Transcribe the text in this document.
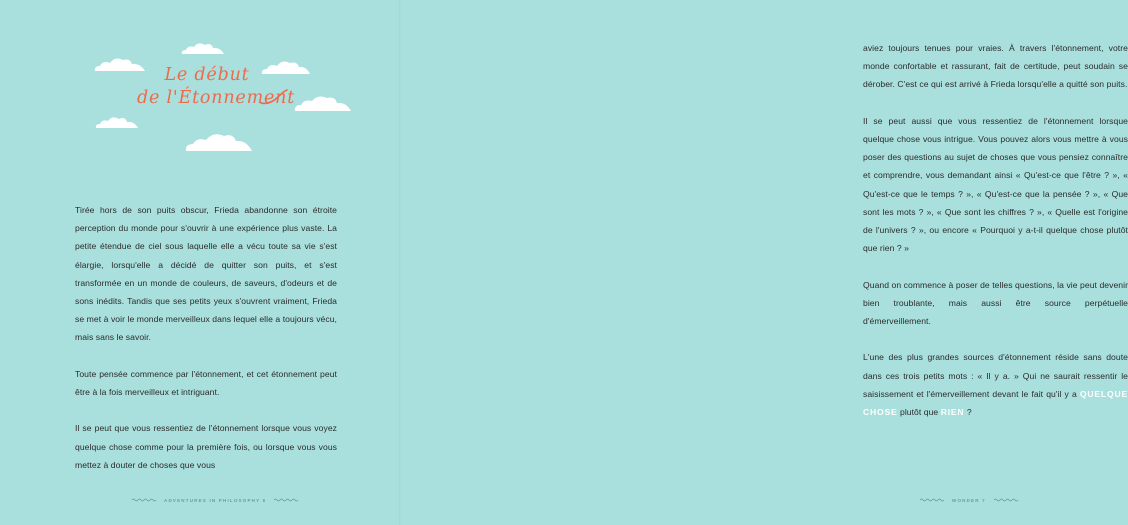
Le début
de l'Étonnement

Tirée hors de son puits obscur, Frieda abandonne son étroite perception du monde pour s'ouvrir à une expérience plus vaste. La petite étendue de ciel sous laquelle elle a vécu toute sa vie s'est élargie, lorsqu'elle a décidé de quitter son puits, et s'est transformée en un monde de couleurs, de saveurs, d'odeurs et de sons inédits. Tandis que ses petits yeux s'ouvrent vraiment, Frieda se met à voir le monde merveilleux dans lequel elle a toujours vécu, mais sans le savoir.

Toute pensée commence par l'étonnement, et cet étonnement peut être à la fois merveilleux et intriguant.

Il se peut que vous ressentiez de l'étonnement lorsque vous voyez quelque chose comme pour la première fois, ou lorsque vous vous mettez à douter de choses que vous

ADVENTURES IN PHILOSOPHY 6

aviez toujours tenues pour vraies. À travers l'étonnement, votre monde confortable et rassurant, fait de certitude, peut soudain se dérober. C'est ce qui est arrivé à Frieda lorsqu'elle a quitté son puits.

Il se peut aussi que vous ressentiez de l'étonnement lorsque quelque chose vous intrigue. Vous pouvez alors vous mettre à vous poser des questions au sujet de choses que vous pensiez connaître et comprendre, vous demandant ainsi « Qu'est-ce que l'être ? », « Qu'est-ce que le temps ? », « Qu'est-ce que la pensée ? », « Que sont les mots ? », « Que sont les chiffres ? », « Quelle est l'origine de l'univers ? », ou encore « Pourquoi y a-t-il quelque chose plutôt que rien ? »

Quand on commence à poser de telles questions, la vie peut devenir bien troublante, mais aussi être source perpétuelle d'émerveillement.

L'une des plus grandes sources d'étonnement réside sans doute dans ces trois petits mots : « Il y a. » Qui ne saurait ressentir le saisissement et l'émerveillement devant le fait qu'il y a QUELQUE CHOSE plutôt que RIEN ?

WONDER 7
